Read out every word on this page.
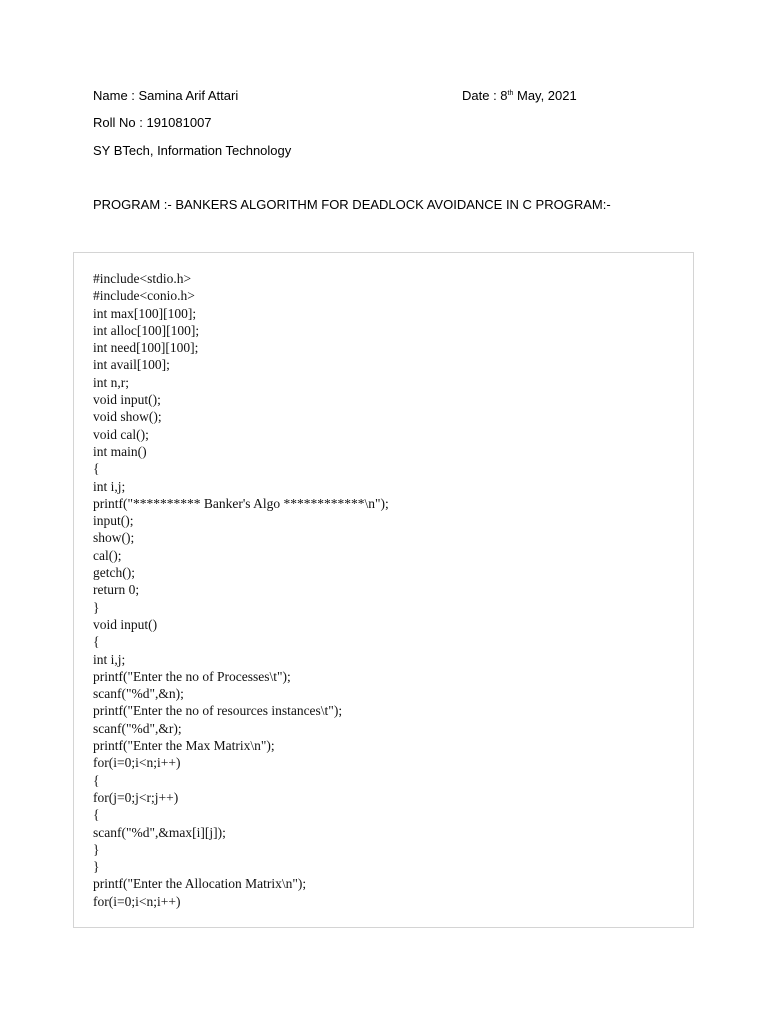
Name : Samina Arif Attari	Date : 8th May, 2021
Roll No : 191081007
SY BTech, Information Technology
PROGRAM :- BANKERS ALGORITHM FOR DEADLOCK AVOIDANCE IN C PROGRAM:-
#include<stdio.h>
#include<conio.h>
int max[100][100];
int alloc[100][100];
int need[100][100];
int avail[100];
int n,r;
void input();
void show();
void cal();
int main()
{
int i,j;
printf("********** Banker's Algo ************\n");
input();
show();
cal();
getch();
return 0;
}
void input()
{
int i,j;
printf("Enter the no of Processes\t");
scanf("%d",&n);
printf("Enter the no of resources instances\t");
scanf("%d",&r);
printf("Enter the Max Matrix\n");
for(i=0;i<n;i++)
{
for(j=0;j<r;j++)
{
scanf("%d",&max[i][j]);
}
}
printf("Enter the Allocation Matrix\n");
for(i=0;i<n;i++)
